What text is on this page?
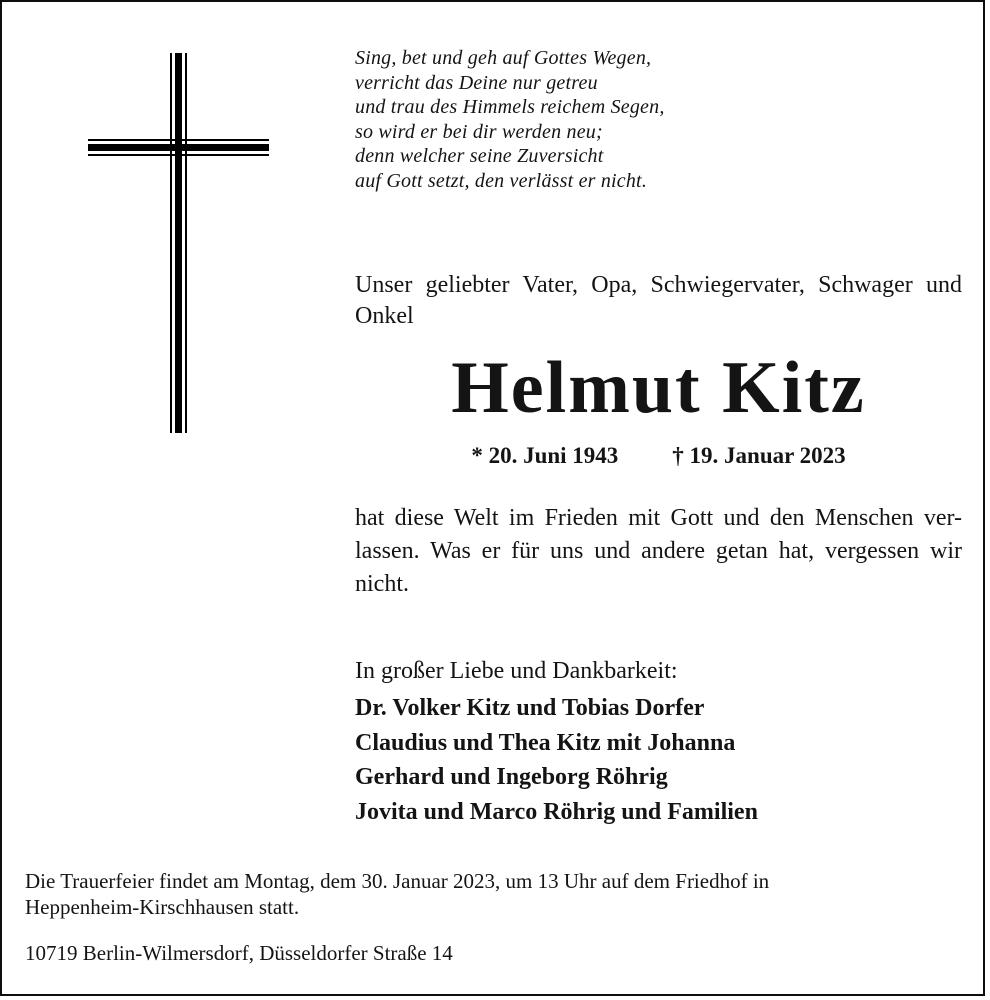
Sing, bet und geh auf Gottes Wegen,
verricht das Deine nur getreu
und trau des Himmels reichem Segen,
so wird er bei dir werden neu;
denn welcher seine Zuversicht
auf Gott setzt, den verlässt er nicht.
Unser geliebter Vater, Opa, Schwiegervater, Schwager und
Onkel
Helmut Kitz
* 20. Juni 1943 † 19. Januar 2023
hat diese Welt im Frieden mit Gott und den Menschen ver-
lassen. Was er für uns und andere getan hat, vergessen wir
nicht.
In großer Liebe und Dankbarkeit:
Dr. Volker Kitz und Tobias Dorfer
Claudius und Thea Kitz mit Johanna
Gerhard und Ingeborg Röhrig
Jovita und Marco Röhrig und Familien
Die Trauerfeier findet am Montag, dem 30. Januar 2023, um 13 Uhr auf dem Friedhof in
Heppenheim-Kirschhausen statt.
10719 Berlin-Wilmersdorf, Düsseldorfer Straße 14
